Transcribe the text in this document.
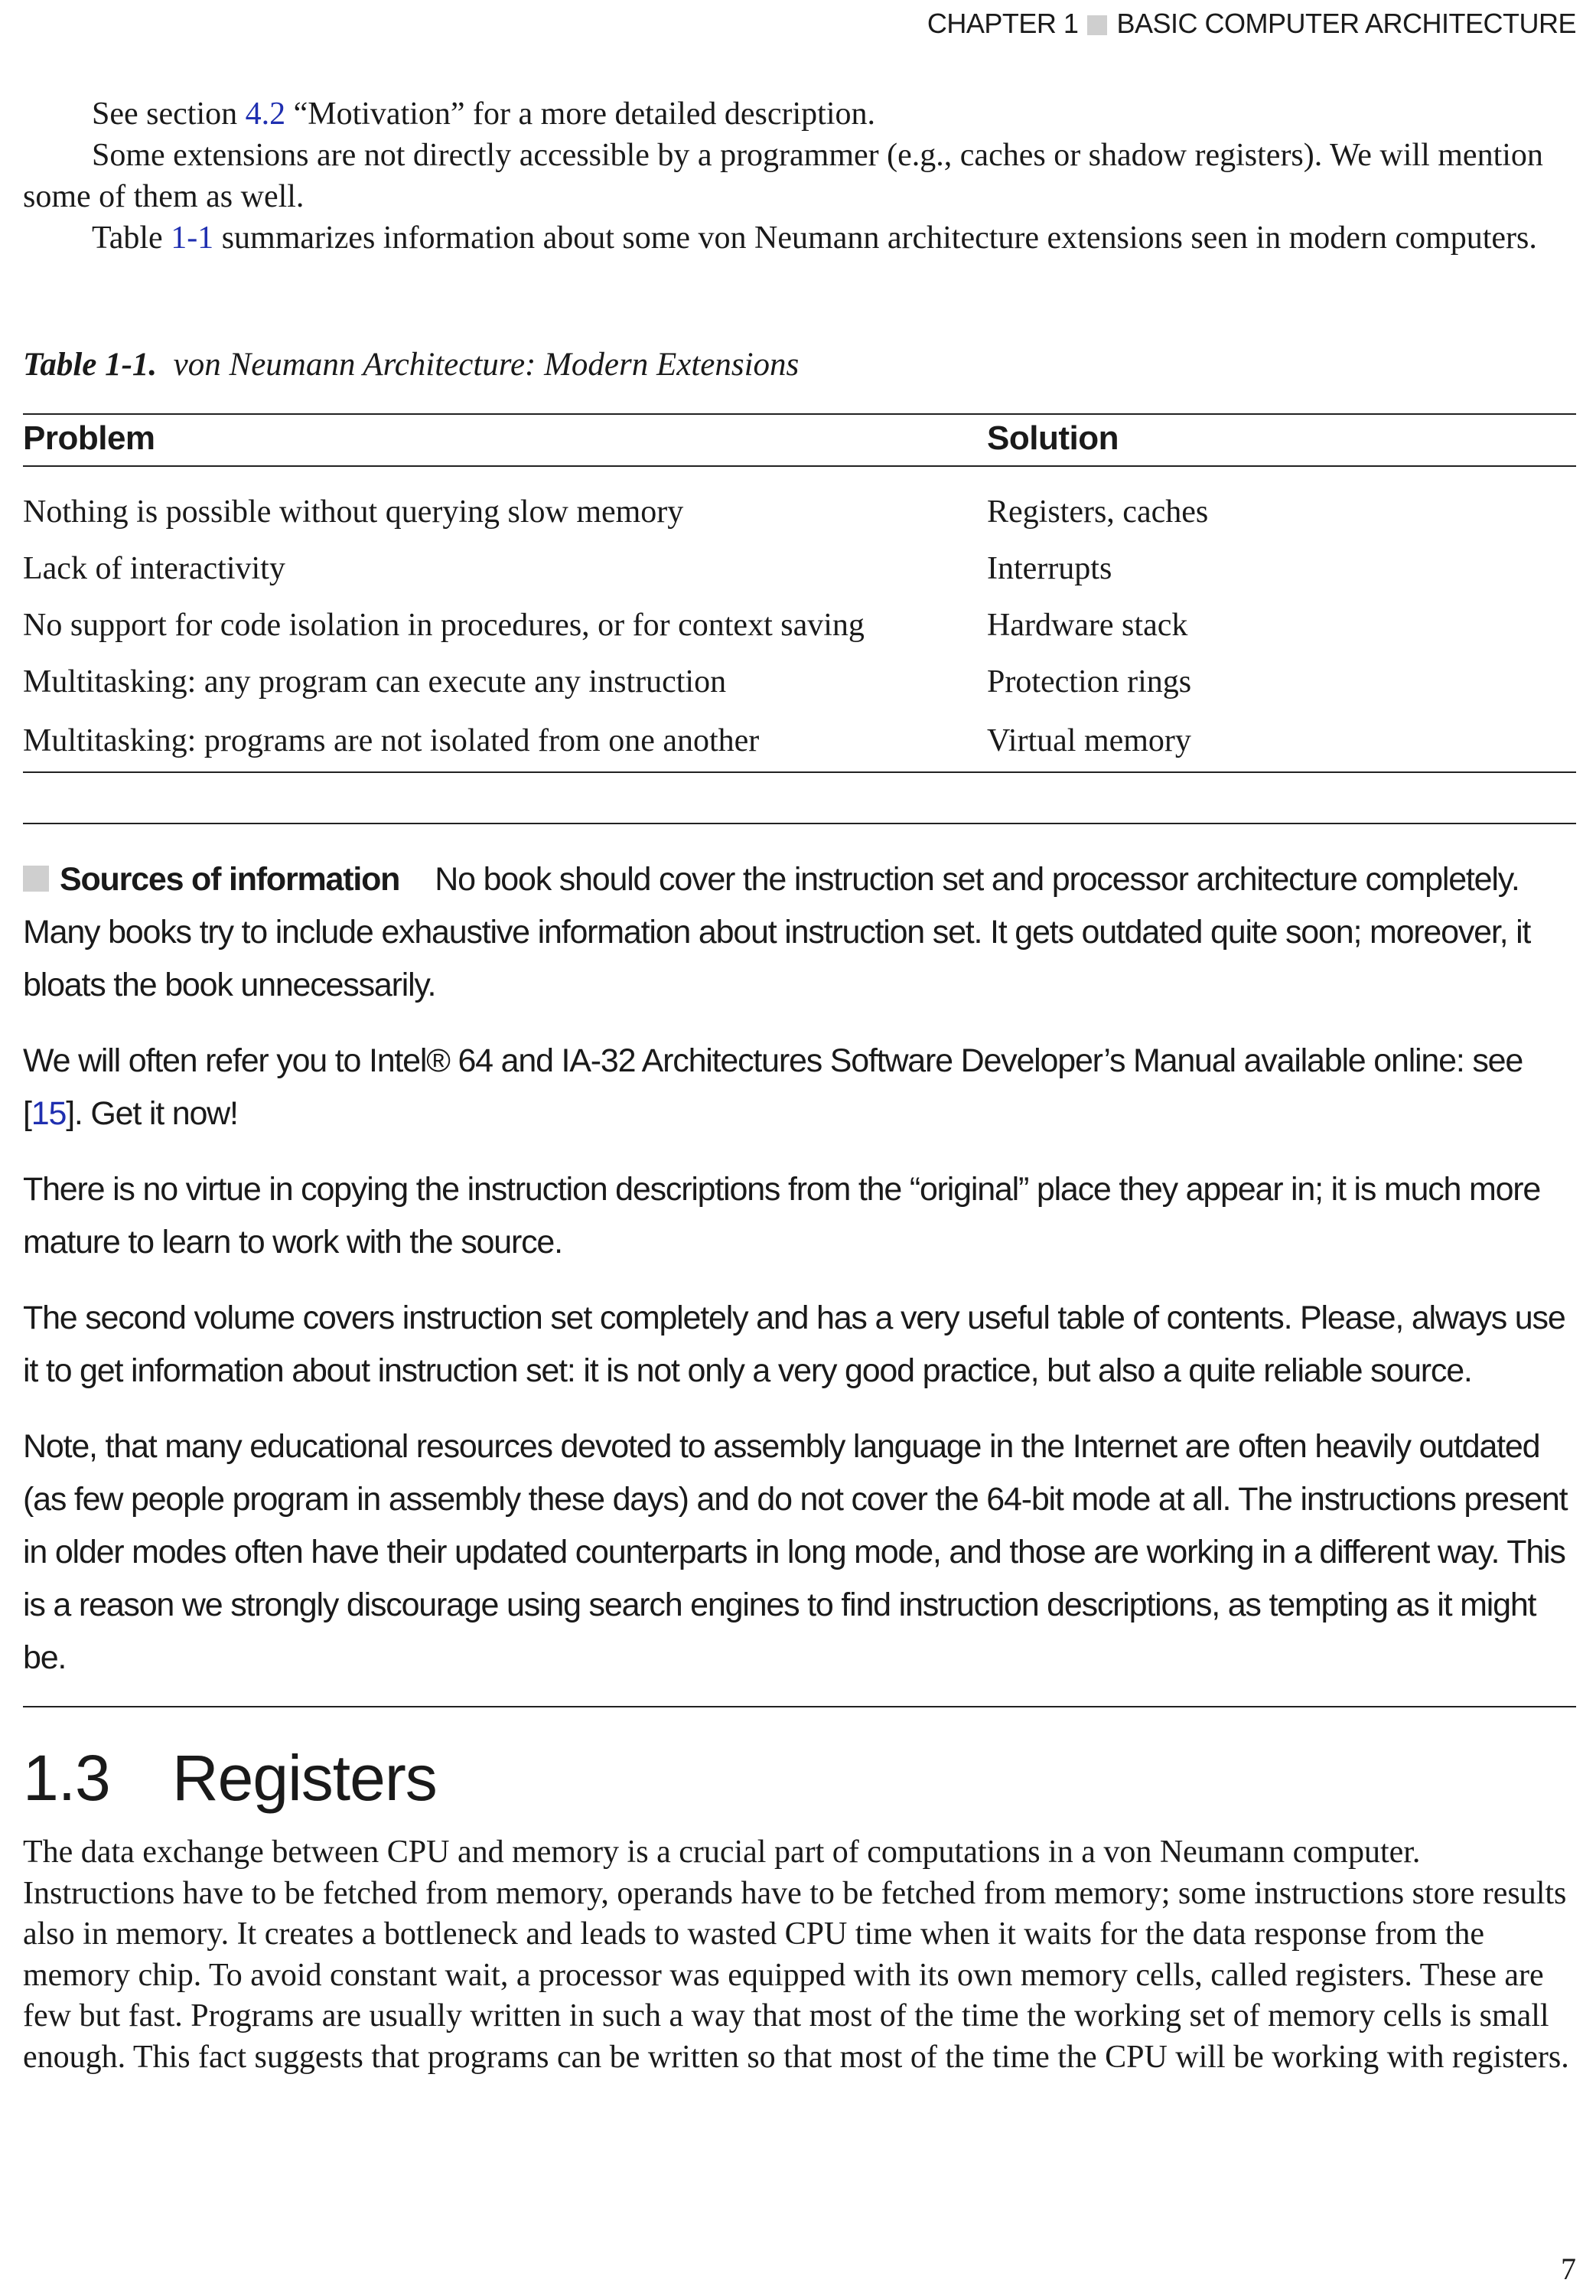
CHAPTER 1 BASIC COMPUTER ARCHITECTURE

See section 4.2 “Motivation” for a more detailed description.

Some extensions are not directly accessible by a programmer (e.g., caches or shadow registers). We will mention some of them as well.

Table 1-1 summarizes information about some von Neumann architecture extensions seen in modern computers.

Table 1-1. von Neumann Architecture: Modern Extensions
Problem	Solution
Nothing is possible without querying slow memory	Registers, caches
Lack of interactivity	Interrupts
No support for code isolation in procedures, or for context saving	Hardware stack
Multitasking: any program can execute any instruction	Protection rings
Multitasking: programs are not isolated from one another	Virtual memory

Sources of information No book should cover the instruction set and processor architecture completely. Many books try to include exhaustive information about instruction set. It gets outdated quite soon; moreover, it bloats the book unnecessarily.

We will often refer you to Intel® 64 and IA-32 Architectures Software Developer’s Manual available online: see [15]. Get it now!

There is no virtue in copying the instruction descriptions from the “original” place they appear in; it is much more mature to learn to work with the source.

The second volume covers instruction set completely and has a very useful table of contents. Please, always use it to get information about instruction set: it is not only a very good practice, but also a quite reliable source.

Note, that many educational resources devoted to assembly language in the Internet are often heavily outdated (as few people program in assembly these days) and do not cover the 64-bit mode at all. The instructions present in older modes often have their updated counterparts in long mode, and those are working in a different way. This is a reason we strongly discourage using search engines to find instruction descriptions, as tempting as it might be.

1.3 Registers
The data exchange between CPU and memory is a crucial part of computations in a von Neumann computer. Instructions have to be fetched from memory, operands have to be fetched from memory; some instructions store results also in memory. It creates a bottleneck and leads to wasted CPU time when it waits for the data response from the memory chip. To avoid constant wait, a processor was equipped with its own memory cells, called registers. These are few but fast. Programs are usually written in such a way that most of the time the working set of memory cells is small enough. This fact suggests that programs can be written so that most of the time the CPU will be working with registers.
7
